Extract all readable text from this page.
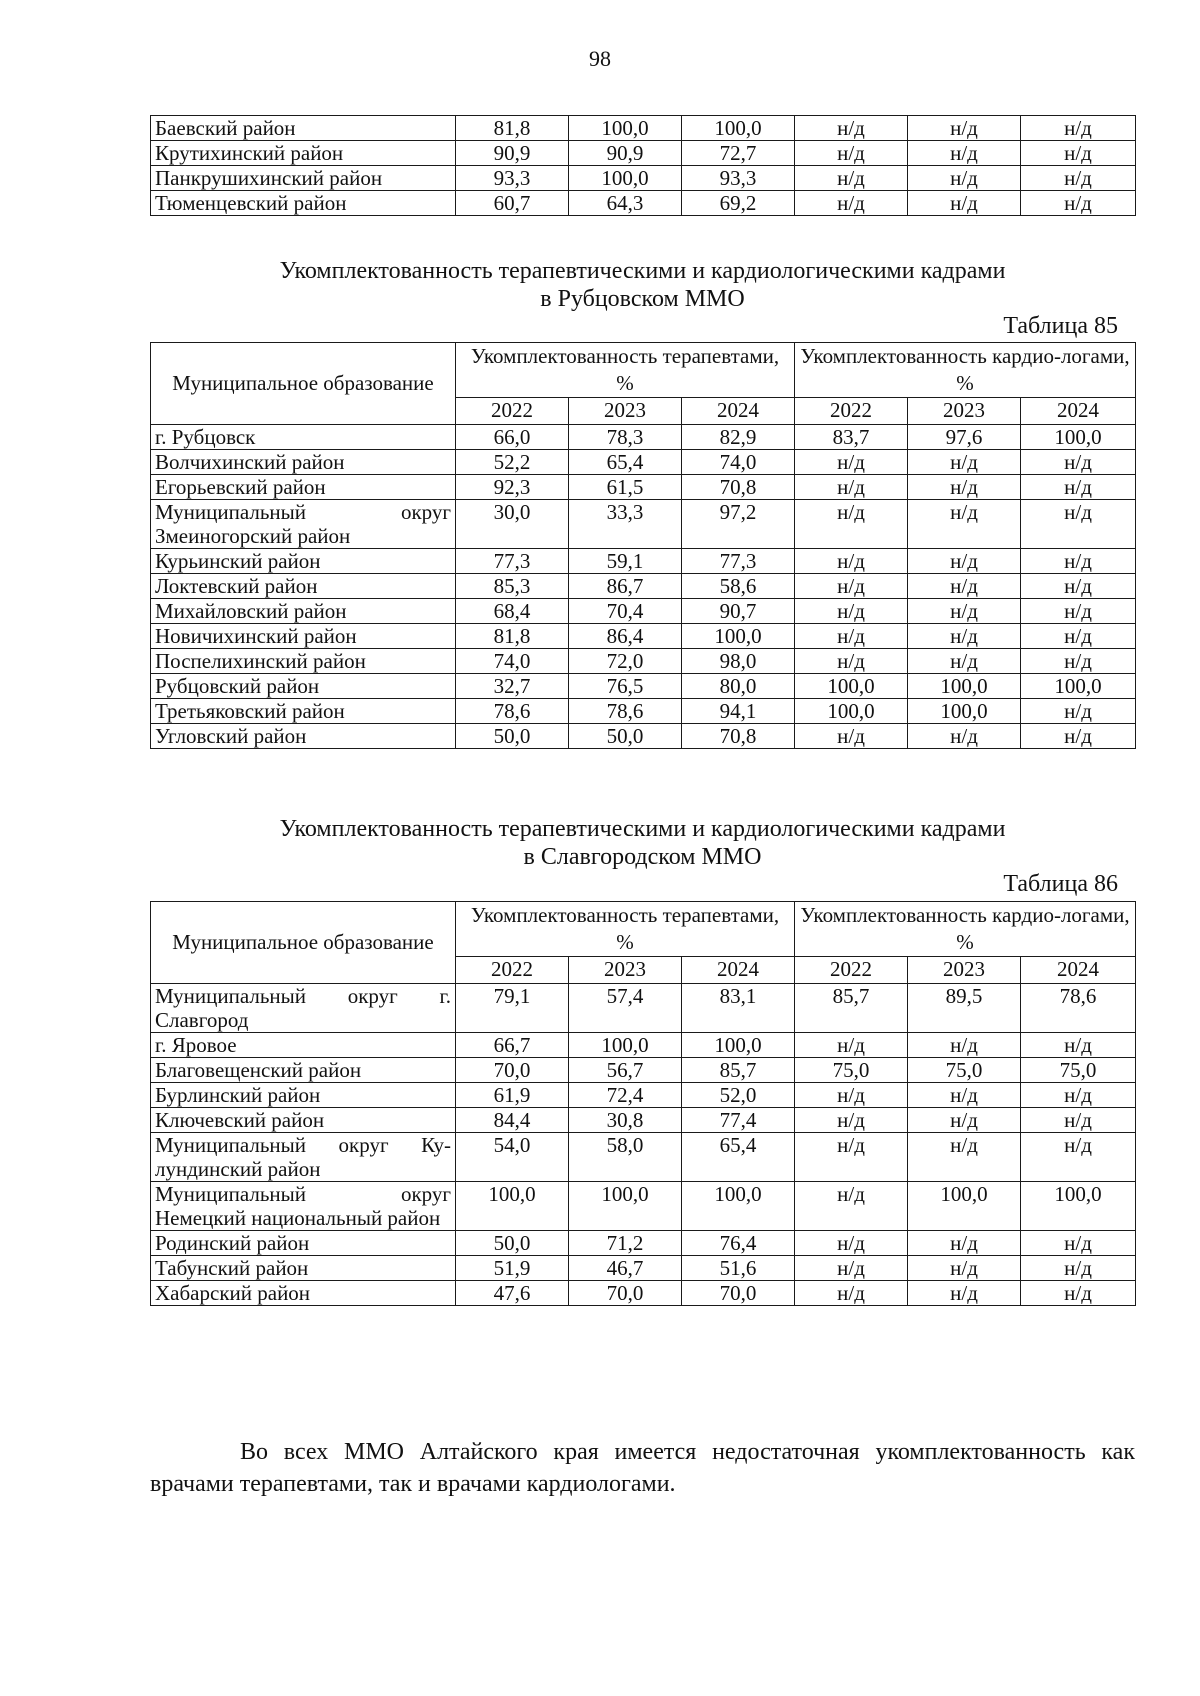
98
Баевский район	81,8	100,0	100,0	н/д	н/д	н/д
Крутихинский район	90,9	90,9	72,7	н/д	н/д	н/д
Панкрушихинский район	93,3	100,0	93,3	н/д	н/д	н/д
Тюменцевский район	60,7	64,3	69,2	н/д	н/д	н/д
Укомплектованность терапевтическими и кардиологическими кадрами
в Рубцовском ММО
Таблица 85
Муниципальное образование	Укомплектованность терапевтами, %			Укомплектованность кардио-логами, %		
	2022	2023	2024	2022	2023	2024
г. Рубцовск	66,0	78,3	82,9	83,7	97,6	100,0
Волчихинский район	52,2	65,4	74,0	н/д	н/д	н/д
Егорьевский район	92,3	61,5	70,8	н/д	н/д	н/д
Муниципальный округ Змеиногорский район	30,0	33,3	97,2	н/д	н/д	н/д
Курьинский район	77,3	59,1	77,3	н/д	н/д	н/д
Локтевский район	85,3	86,7	58,6	н/д	н/д	н/д
Михайловский район	68,4	70,4	90,7	н/д	н/д	н/д
Новичихинский район	81,8	86,4	100,0	н/д	н/д	н/д
Поспелихинский район	74,0	72,0	98,0	н/д	н/д	н/д
Рубцовский район	32,7	76,5	80,0	100,0	100,0	100,0
Третьяковский район	78,6	78,6	94,1	100,0	100,0	н/д
Угловский район	50,0	50,0	70,8	н/д	н/д	н/д
Укомплектованность терапевтическими и кардиологическими кадрами
в Славгородском ММО
Таблица 86
Муниципальное образование	Укомплектованность терапевтами, %			Укомплектованность кардио-логами, %		
	2022	2023	2024	2022	2023	2024
Муниципальный округ г. Славгород	79,1	57,4	83,1	85,7	89,5	78,6
г. Яровое	66,7	100,0	100,0	н/д	н/д	н/д
Благовещенский район	70,0	56,7	85,7	75,0	75,0	75,0
Бурлинский район	61,9	72,4	52,0	н/д	н/д	н/д
Ключевский район	84,4	30,8	77,4	н/д	н/д	н/д
Муниципальный округ Ку-лундинский район	54,0	58,0	65,4	н/д	н/д	н/д
Муниципальный округ Немецкий национальный район	100,0	100,0	100,0	н/д	100,0	100,0
Родинский район	50,0	71,2	76,4	н/д	н/д	н/д
Табунский район	51,9	46,7	51,6	н/д	н/д	н/д
Хабарский район	47,6	70,0	70,0	н/д	н/д	н/д

Во всех ММО Алтайского края имеется недостаточная укомплектованность как врачами терапевтами, так и врачами кардиологами.
